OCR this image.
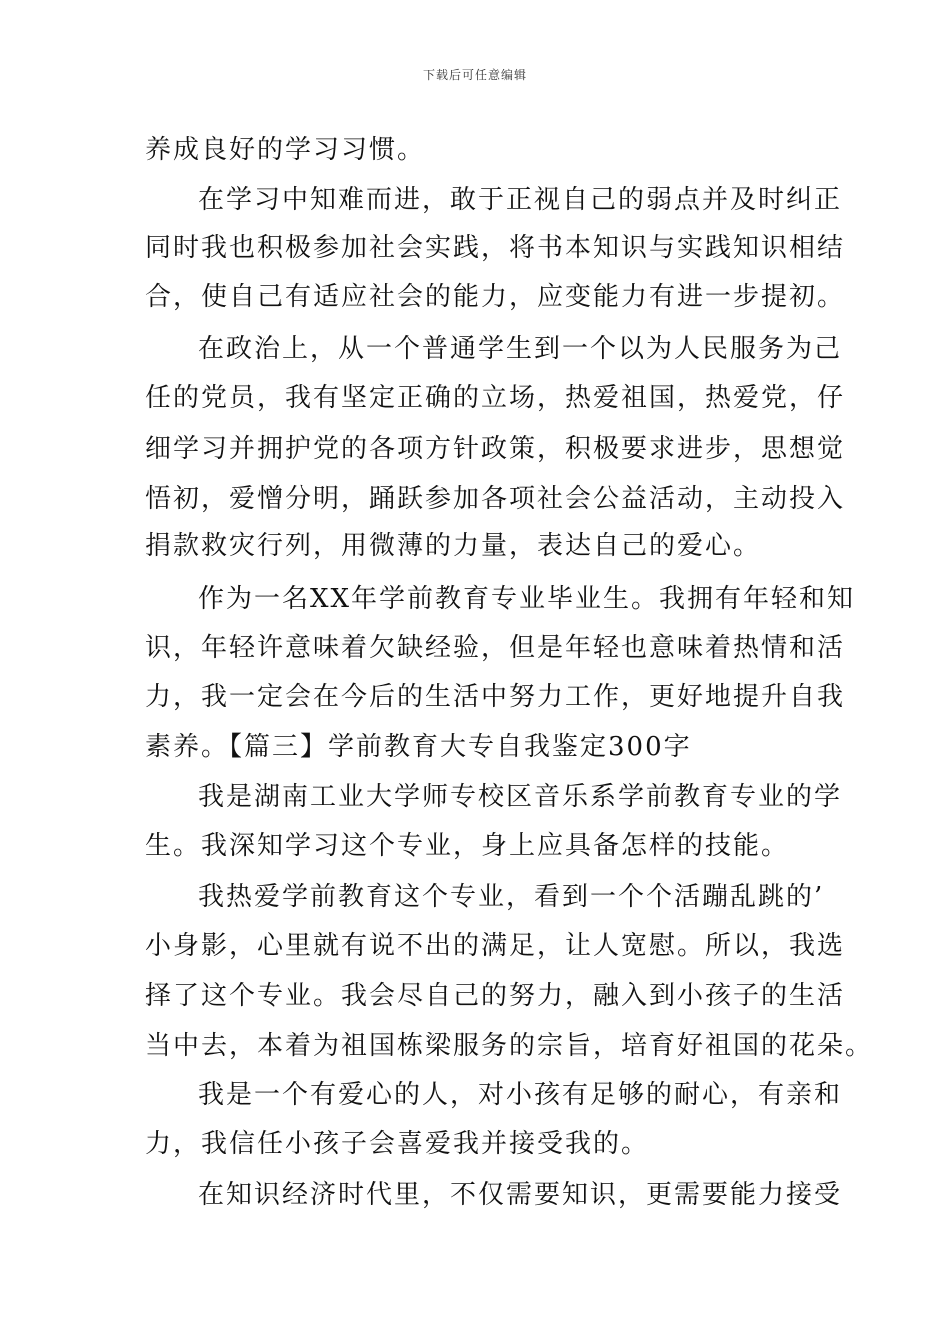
下载后可任意编辑
养成良好的学习习惯。
在学习中知难而进，敢于正视自己的弱点并及时纠正
同时我也积极参加社会实践，将书本知识与实践知识相结
合，使自己有适应社会的能力，应变能力有进一步提初。
在政治上，从一个普通学生到一个以为人民服务为己
任的党员，我有坚定正确的立场，热爱祖国，热爱党，仔
细学习并拥护党的各项方针政策，积极要求进步，思想觉
悟初，爱憎分明，踊跃参加各项社会公益活动，主动投入
捐款救灾行列，用微薄的力量，表达自己的爱心。
作为一名XX年学前教育专业毕业生。我拥有年轻和知
识，年轻许意味着欠缺经验，但是年轻也意味着热情和活
力，我一定会在今后的生活中努力工作，更好地提升自我
素养。【篇三】学前教育大专自我鉴定300字
我是湖南工业大学师专校区音乐系学前教育专业的学
生。我深知学习这个专业，身上应具备怎样的技能。
我热爱学前教育这个专业，看到一个个活蹦乱跳的’
小身影，心里就有说不出的满足，让人宽慰。所以，我选
择了这个专业。我会尽自己的努力，融入到小孩子的生活
当中去，本着为祖国栋梁服务的宗旨，培育好祖国的花朵。
我是一个有爱心的人，对小孩有足够的耐心，有亲和
力，我信任小孩子会喜爱我并接受我的。
在知识经济时代里，不仅需要知识，更需要能力接受
